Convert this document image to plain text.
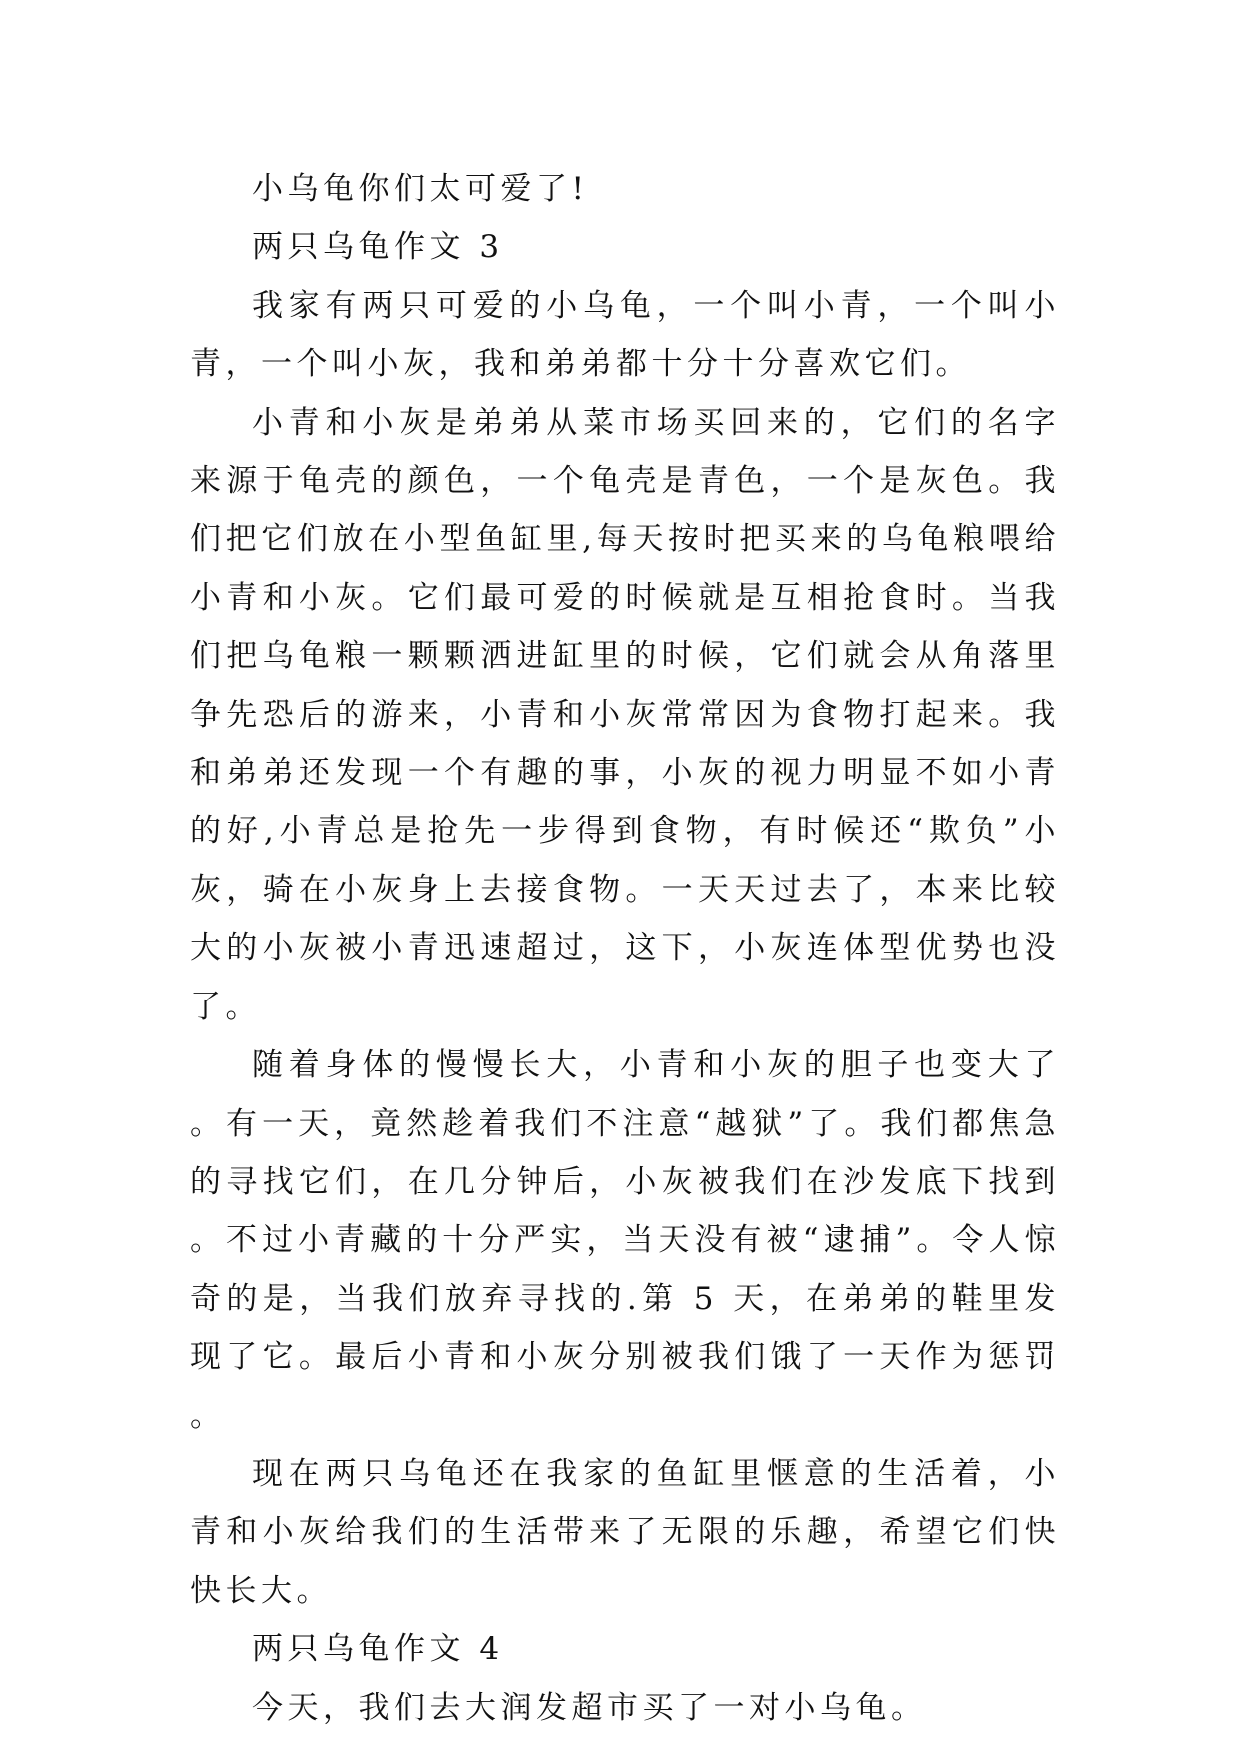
小乌龟你们太可爱了!

两只乌龟作文 3

我家有两只可爱的小乌龟，一个叫小青，一个叫小青，一个叫小灰，我和弟弟都十分十分喜欢它们。

小青和小灰是弟弟从菜市场买回来的，它们的名字来源于龟壳的颜色，一个龟壳是青色，一个是灰色。我们把它们放在小型鱼缸里,每天按时把买来的乌龟粮喂给小青和小灰。它们最可爱的时候就是互相抢食时。当我们把乌龟粮一颗颗洒进缸里的时候，它们就会从角落里争先恐后的游来，小青和小灰常常因为食物打起来。我和弟弟还发现一个有趣的事，小灰的视力明显不如小青的好,小青总是抢先一步得到食物，有时候还“欺负”小灰，骑在小灰身上去接食物。一天天过去了，本来比较大的小灰被小青迅速超过，这下，小灰连体型优势也没了。

随着身体的慢慢长大，小青和小灰的胆子也变大了。有一天，竟然趁着我们不注意“越狱”了。我们都焦急的寻找它们，在几分钟后，小灰被我们在沙发底下找到。不过小青藏的十分严实，当天没有被“逮捕”。令人惊奇的是，当我们放弃寻找的.第 5 天，在弟弟的鞋里发现了它。最后小青和小灰分别被我们饿了一天作为惩罚。

现在两只乌龟还在我家的鱼缸里惬意的生活着，小青和小灰给我们的生活带来了无限的乐趣，希望它们快快长大。

两只乌龟作文 4

今天，我们去大润发超市买了一对小乌龟。
